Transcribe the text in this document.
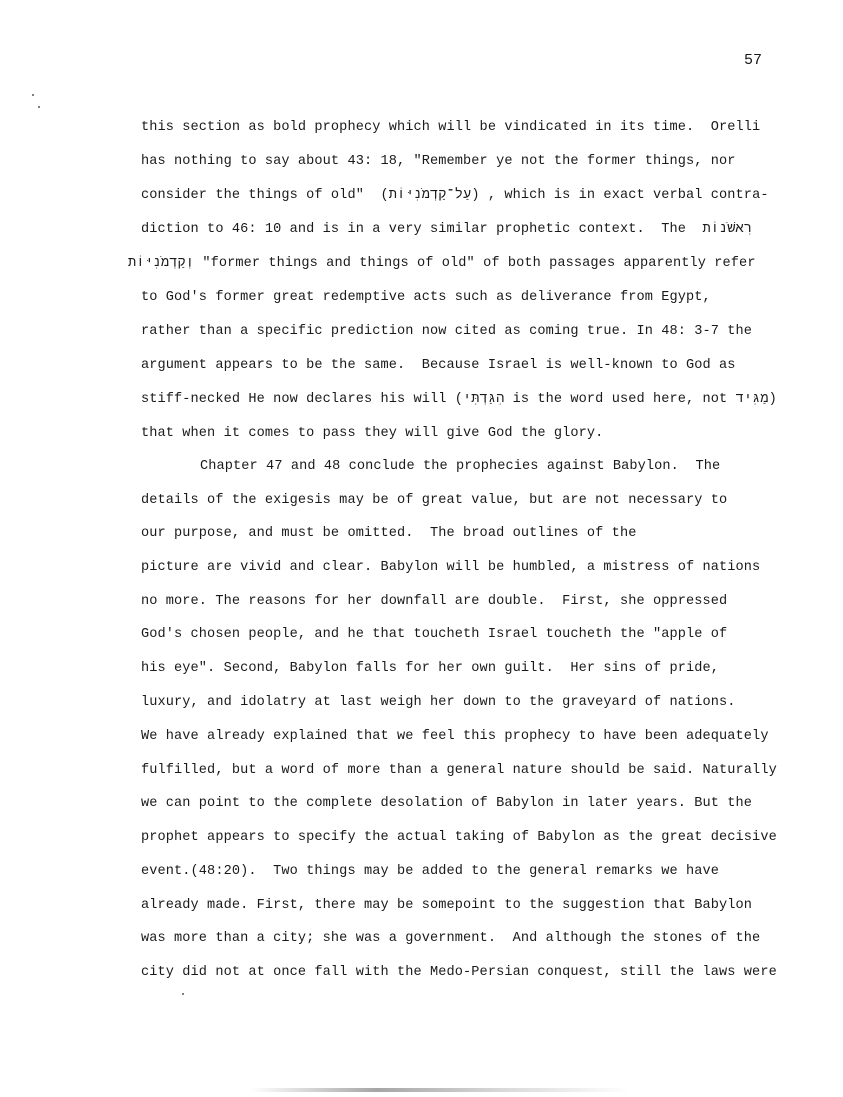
57
this section as bold prophecy which will be vindicated in its time.  Orelli
has nothing to say about 43: 18, "Remember ye not the former things, nor
consider the things of old"  (עַל־קַדְמֹנִיּוֹת) , which is in exact verbal contra-
diction to 46: 10 and is in a very similar prophetic context.  The  רִאשֹׁנוֹת
וְקַדְמֹנִיּוֹת "former things and things of old" of both passages apparently refer
to God's former great redemptive acts such as deliverance from Egypt,
rather than a specific prediction now cited as coming true. In 48: 3-7 the
argument appears to be the same.  Because Israel is well-known to God as
stiff-necked He now declares his will (הִגַּדְתִּי is the word used here, not מַגִּיד)
that when it comes to pass they will give God the glory.
Chapter 47 and 48 conclude the prophecies against Babylon.  The
details of the exigesis may be of great value, but are not necessary to
our purpose, and must be omitted.  The broad outlines of the
picture are vivid and clear. Babylon will be humbled, a mistress of nations
no more. The reasons for her downfall are double.  First, she oppressed
God's chosen people, and he that toucheth Israel toucheth the "apple of
his eye". Second, Babylon falls for her own guilt.  Her sins of pride,
luxury, and idolatry at last weigh her down to the graveyard of nations.
We have already explained that we feel this prophecy to have been adequately
fulfilled, but a word of more than a general nature should be said. Naturally
we can point to the complete desolation of Babylon in later years. But the
prophet appears to specify the actual taking of Babylon as the great decisive
event.(48:20).  Two things may be added to the general remarks we have
already made. First, there may be somepoint to the suggestion that Babylon
was more than a city; she was a government.  And although the stones of the
city did not at once fall with the Medo-Persian conquest, still the laws were
